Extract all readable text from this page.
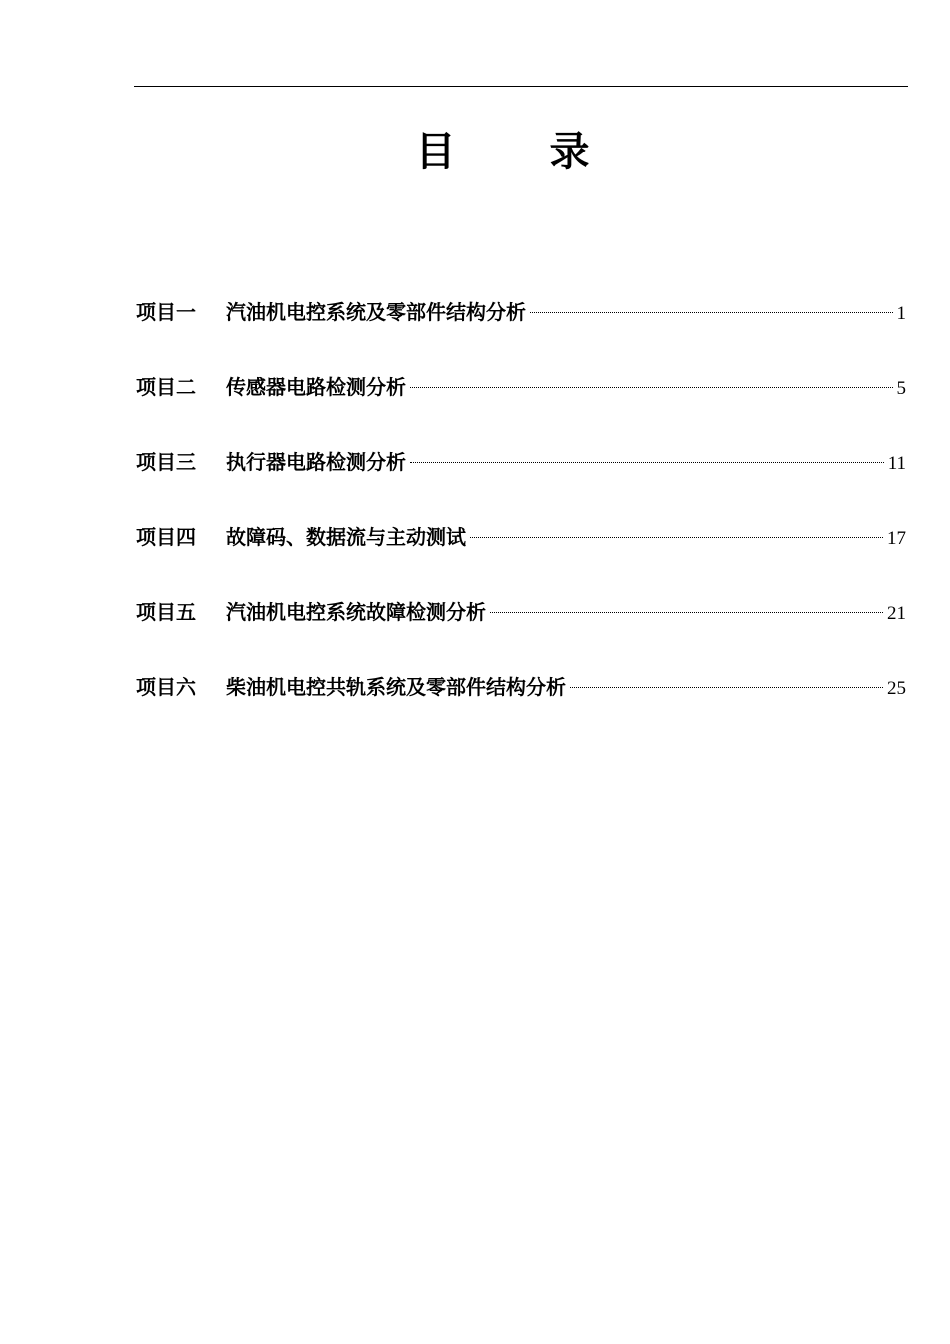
目 录
项目一	汽油机电控系统及零部件结构分析	1
项目二	传感器电路检测分析	5
项目三	执行器电路检测分析	11
项目四	故障码、数据流与主动测试	17
项目五	汽油机电控系统故障检测分析	21
项目六	柴油机电控共轨系统及零部件结构分析	25
